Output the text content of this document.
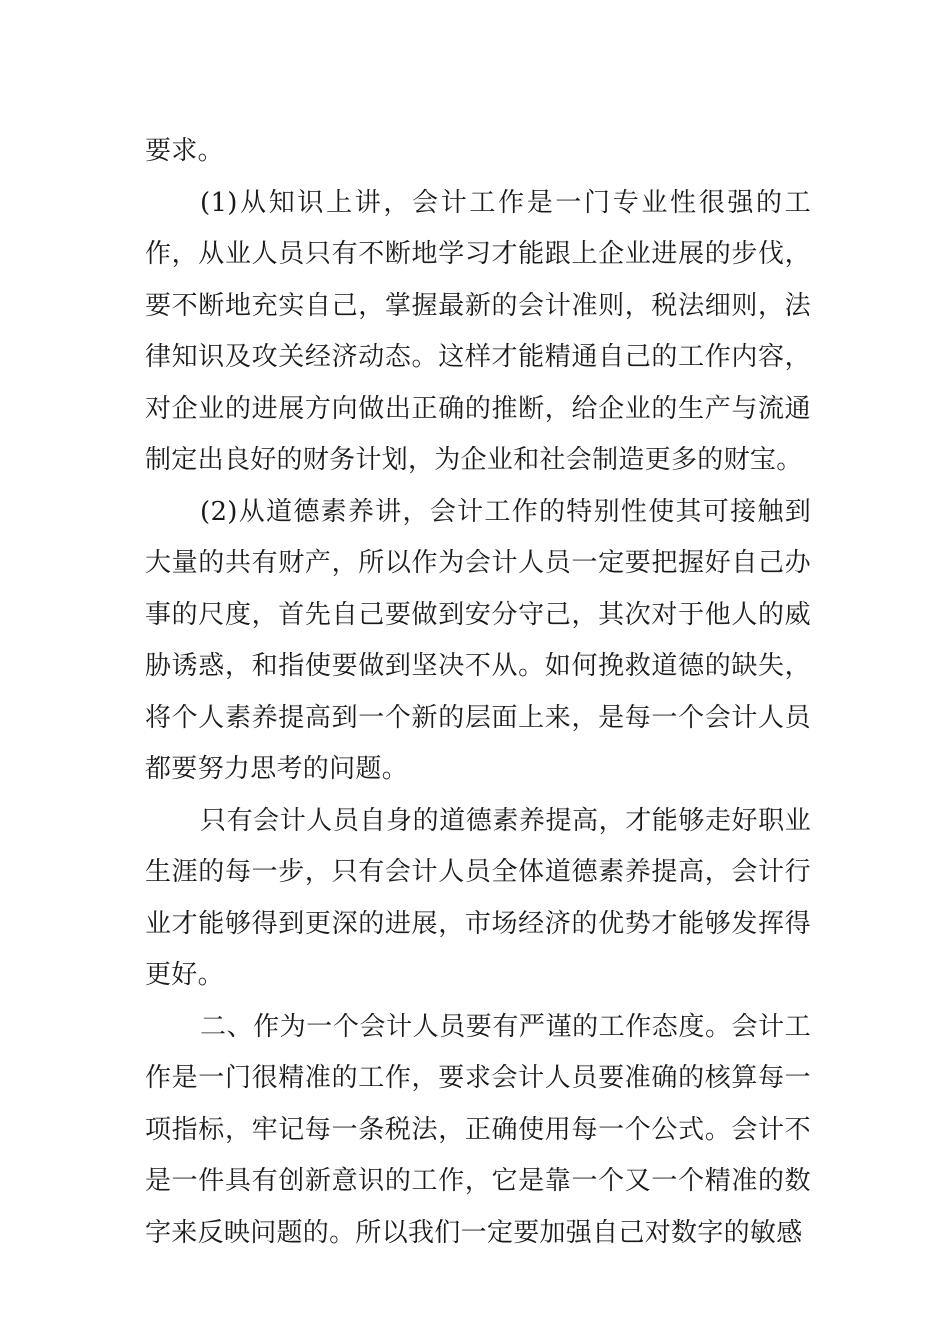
要求。

(1)从知识上讲，会计工作是一门专业性很强的工作，从业人员只有不断地学习才能跟上企业进展的步伐，要不断地充实自己，掌握最新的会计准则，税法细则，法律知识及攻关经济动态。这样才能精通自己的工作内容，对企业的进展方向做出正确的推断，给企业的生产与流通制定出良好的财务计划，为企业和社会制造更多的财宝。

(2)从道德素养讲，会计工作的特别性使其可接触到大量的共有财产，所以作为会计人员一定要把握好自己办事的尺度，首先自己要做到安分守己，其次对于他人的威胁诱惑，和指使要做到坚决不从。如何挽救道德的缺失，将个人素养提高到一个新的层面上来，是每一个会计人员都要努力思考的问题。

只有会计人员自身的道德素养提高，才能够走好职业生涯的每一步，只有会计人员全体道德素养提高，会计行业才能够得到更深的进展，市场经济的优势才能够发挥得更好。

二、作为一个会计人员要有严谨的工作态度。会计工作是一门很精准的工作，要求会计人员要准确的核算每一项指标，牢记每一条税法，正确使用每一个公式。会计不是一件具有创新意识的工作，它是靠一个又一个精准的数字来反映问题的。所以我们一定要加强自己对数字的敏感
